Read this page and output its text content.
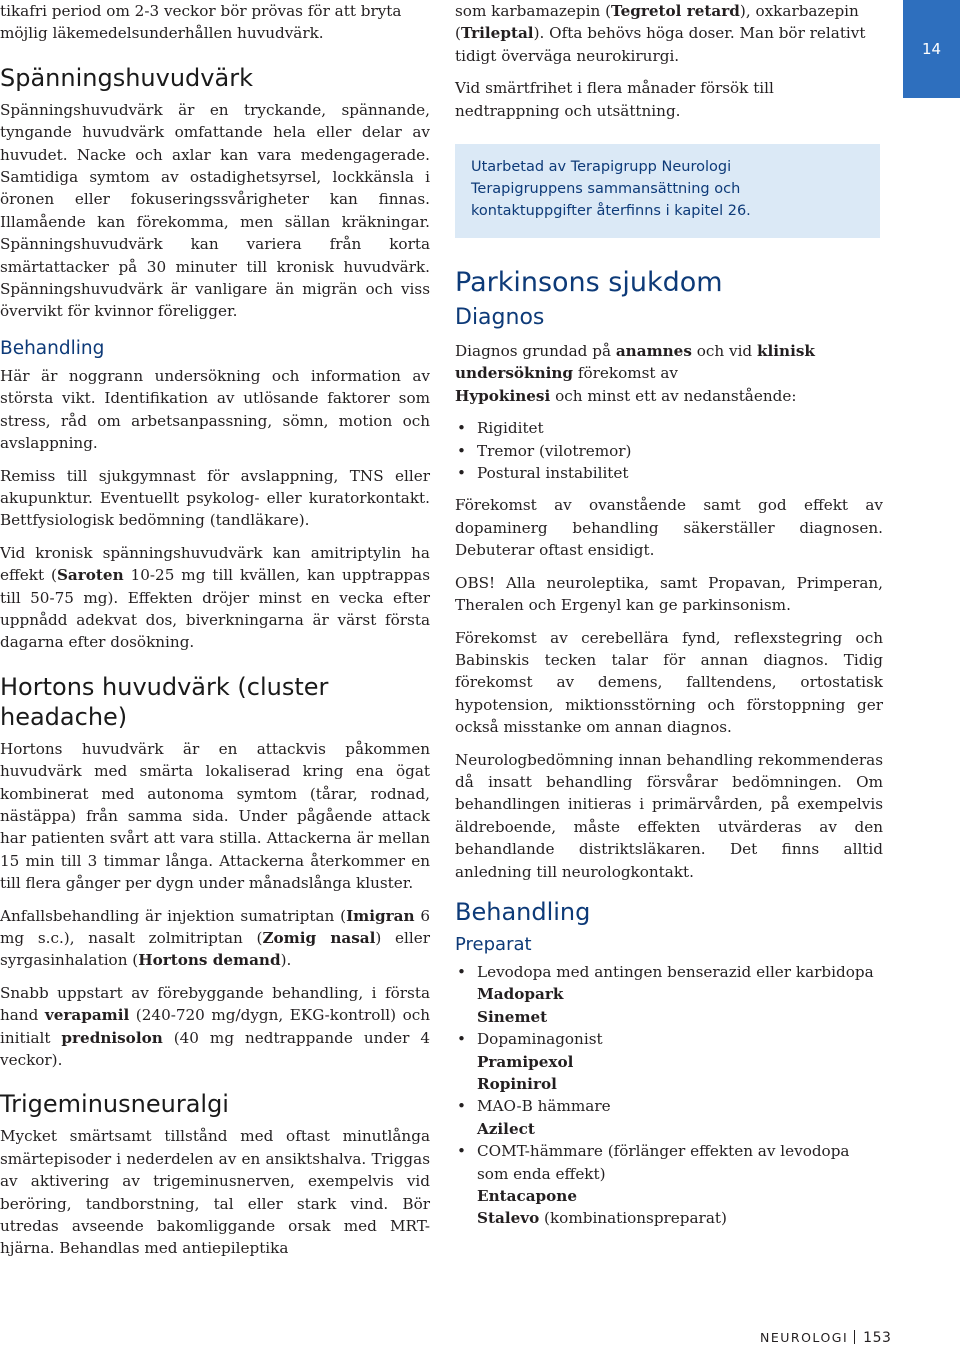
14

tikafri period om 2-3 veckor bör prövas för att bryta möjlig läkemedelsunderhållen huvudvärk.

Spänningshuvudvärk

Spänningshuvudvärk är en tryckande, spännande, tyngande huvudvärk omfattande hela eller delar av huvudet. Nacke och axlar kan vara medengagerade. Samtidiga symtom av ostadighetsyrsel, lockkänsla i öronen eller fokuseringssvårigheter kan finnas. Illamående kan förekomma, men sällan kräkningar. Spänningshuvudvärk kan variera från korta smärtattacker på 30 minuter till kronisk huvudvärk. Spänningshuvudvärk är vanligare än migrän och viss övervikt för kvinnor föreligger.

Behandling

Här är noggrann undersökning och information av största vikt. Identifikation av utlösande faktorer som stress, råd om arbetsanpassning, sömn, motion och avslappning.

Remiss till sjukgymnast för avslappning, TNS eller akupunktur. Eventuellt psykolog- eller kuratorkontakt. Bettfysiologisk bedömning (tandläkare).

Vid kronisk spänningshuvudvärk kan amitriptylin ha effekt (Saroten 10-25 mg till kvällen, kan upptrappas till 50-75 mg). Effekten dröjer minst en vecka efter uppnådd adekvat dos, biverkningarna är värst första dagarna efter dosökning.

Hortons huvudvärk (cluster headache)

Hortons huvudvärk är en attackvis påkommen huvudvärk med smärta lokaliserad kring ena ögat kombinerat med autonoma symtom (tårar, rodnad, nästäppa) från samma sida. Under pågående attack har patienten svårt att vara stilla. Attackerna är mellan 15 min till 3 timmar långa. Attackerna återkommer en till flera gånger per dygn under månadslånga kluster.

Anfallsbehandling är injektion sumatriptan (Imigran 6 mg s.c.), nasalt zolmitriptan (Zomig nasal) eller syrgasinhalation (Hortons demand).

Snabb uppstart av förebyggande behandling, i första hand verapamil (240-720 mg/dygn, EKG-kontroll) och initialt prednisolon (40 mg nedtrappande under 4 veckor).

Trigeminusneuralgi

Mycket smärtsamt tillstånd med oftast minutlånga smärtepisoder i nederdelen av en ansiktshalva. Triggas av aktivering av trigeminusnerven, exempelvis vid beröring, tandborstning, tal eller stark vind. Bör utredas avseende bakomliggande orsak med MRT-hjärna. Behandlas med antiepileptika

som karbamazepin (Tegretol retard), oxkarbazepin (Trileptal). Ofta behövs höga doser. Man bör relativt tidigt överväga neurokirurgi.

Vid smärtfrihet i flera månader försök till nedtrappning och utsättning.

Utarbetad av Terapigrupp Neurologi
Terapigruppens sammansättning och kontaktuppgifter återfinns i kapitel 26.
Parkinsons sjukdom
Diagnos

Diagnos grundad på anamnes och vid klinisk undersökning förekomst av
Hypokinesi och minst ett av nedanstående:

• Rigiditet
• Tremor (vilotremor)
• Postural instabilitet

Förekomst av ovanstående samt god effekt av dopaminerg behandling säkerställer diagnosen. Debuterar oftast ensidigt.

OBS! Alla neuroleptika, samt Propavan, Primperan, Theralen och Ergenyl kan ge parkinsonism.

Förekomst av cerebellära fynd, reflexstegring och Babinskis tecken talar för annan diagnos. Tidig förekomst av demens, falltendens, ortostatisk hypotension, miktionsstörning och förstoppning ger också misstanke om annan diagnos.

Neurologbedömning innan behandling rekommenderas då insatt behandling försvårar bedömningen. Om behandlingen initieras i primärvården, på exempelvis äldreboende, måste effekten utvärderas av den behandlande distriktsläkaren. Det finns alltid anledning till neurologkontakt.

Behandling
Preparat
• Levodopa med antingen benserazid eller karbidopa
Madopark
Sinemet
• Dopaminagonist
Pramipexol
Ropinirol
• MAO-B hämmare
Azilect
• COMT-hämmare (förlänger effekten av levodopa som enda effekt)
Entacapone
Stalevo (kombinationspreparat)
NEUROLOGI 153
